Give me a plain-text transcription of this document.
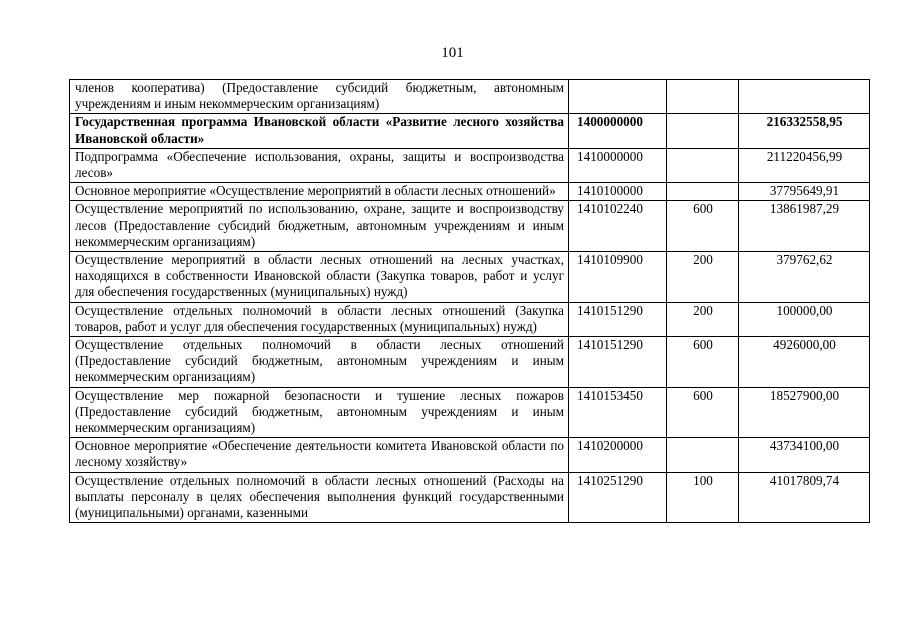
101
членов кооператива) (Предоставление субсидий бюджетным, автономным учреждениям и иным некоммерческим организациям)			
Государственная программа Ивановской области «Развитие лесного хозяйства Ивановской области»	1400000000		216332558,95
Подпрограмма «Обеспечение использования, охраны, защиты и воспроизводства лесов»	1410000000		211220456,99
Основное мероприятие «Осуществление мероприятий в области лесных отношений»	1410100000		37795649,91
Осуществление мероприятий по использованию, охране, защите и воспроизводству лесов (Предоставление субсидий бюджетным, автономным учреждениям и иным некоммерческим организациям)	1410102240	600	13861987,29
Осуществление мероприятий в области лесных отношений на лесных участках, находящихся в собственности Ивановской области (Закупка товаров, работ и услуг для обеспечения государственных (муниципальных) нужд)	1410109900	200	379762,62
Осуществление отдельных полномочий в области лесных отношений (Закупка товаров, работ и услуг для обеспечения государственных (муниципальных) нужд)	1410151290	200	100000,00
Осуществление отдельных полномочий в области лесных отношений (Предоставление субсидий бюджетным, автономным учреждениям и иным некоммерческим организациям)	1410151290	600	4926000,00
Осуществление мер пожарной безопасности и тушение лесных пожаров (Предоставление субсидий бюджетным, автономным учреждениям и иным некоммерческим организациям)	1410153450	600	18527900,00
Основное мероприятие «Обеспечение деятельности комитета Ивановской области по лесному хозяйству»	1410200000		43734100,00
Осуществление отдельных полномочий в области лесных отношений (Расходы на выплаты персоналу в целях обеспечения выполнения функций государственными (муниципальными) органами, казенными	1410251290	100	41017809,74
